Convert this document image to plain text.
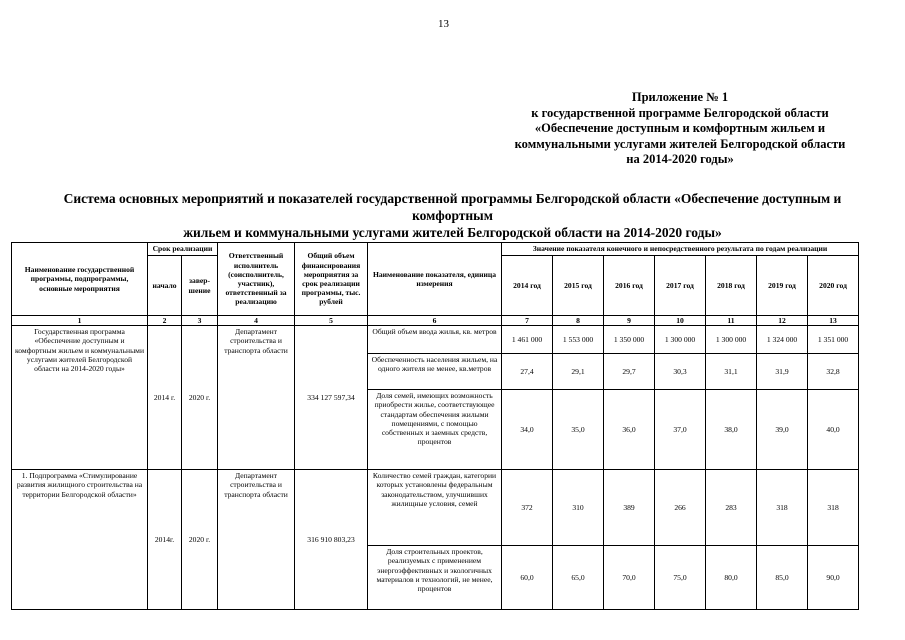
13
Приложение № 1
к государственной программе Белгородской области
«Обеспечение доступным и комфортным жильем и
коммунальными услугами жителей Белгородской области
на 2014-2020 годы»
Система основных мероприятий и показателей государственной программы Белгородской области «Обеспечение доступным и комфортным
жильем и коммунальными услугами жителей Белгородской области на 2014-2020 годы»
Наименование государственной программы, подпрограммы, основные мероприятия	Срок реализации		Ответственный исполнитель (соисполнитель, участник), ответственный за реализацию	Общий объем финансирования мероприятия за срок реализации программы, тыс. рублей	Наименование показателя, единица измерения	Значение показателя конечного и непосредственного результата по годам реализации						
	начало	завер-шение				2014 год	2015 год	2016 год	2017 год	2018 год	2019 год	2020 год
1	2	3	4	5	6	7	8	9	10	11	12	13
Государственная программа «Обеспечение доступным и комфортным жильем и коммунальными услугами жителей Белгородской области на 2014-2020 годы»	2014 г.	2020 г.	Департамент строительства и транспорта области	334 127 597,34	Общий объем ввода жилья, кв. метров	1 461 000	1 553 000	1 350 000	1 300 000	1 300 000	1 324 000	1 351 000
					Обеспеченность населения жильем, на одного жителя не менее, кв.метров	27,4	29,1	29,7	30,3	31,1	31,9	32,8
					Доля семей, имеющих возможность приобрести жилье, соответствующее стандартам обеспечения жилыми помещениями, с помощью собственных и заемных средств, процентов	34,0	35,0	36,0	37,0	38,0	39,0	40,0
1. Подпрограмма «Стимулирование развития жилищного строительства на территории Белгородской области»	2014г.	2020 г.	Департамент строительства и транспорта области	316 910 803,23	Количество семей граждан, категории которых установлены федеральным законодательством, улучшивших жилищные условия, семей	372	310	389	266	283	318	318
					Доля строительных проектов, реализуемых с применением энергоэффективных и экологичных материалов и технологий, не менее, процентов	60,0	65,0	70,0	75,0	80,0	85,0	90,0
